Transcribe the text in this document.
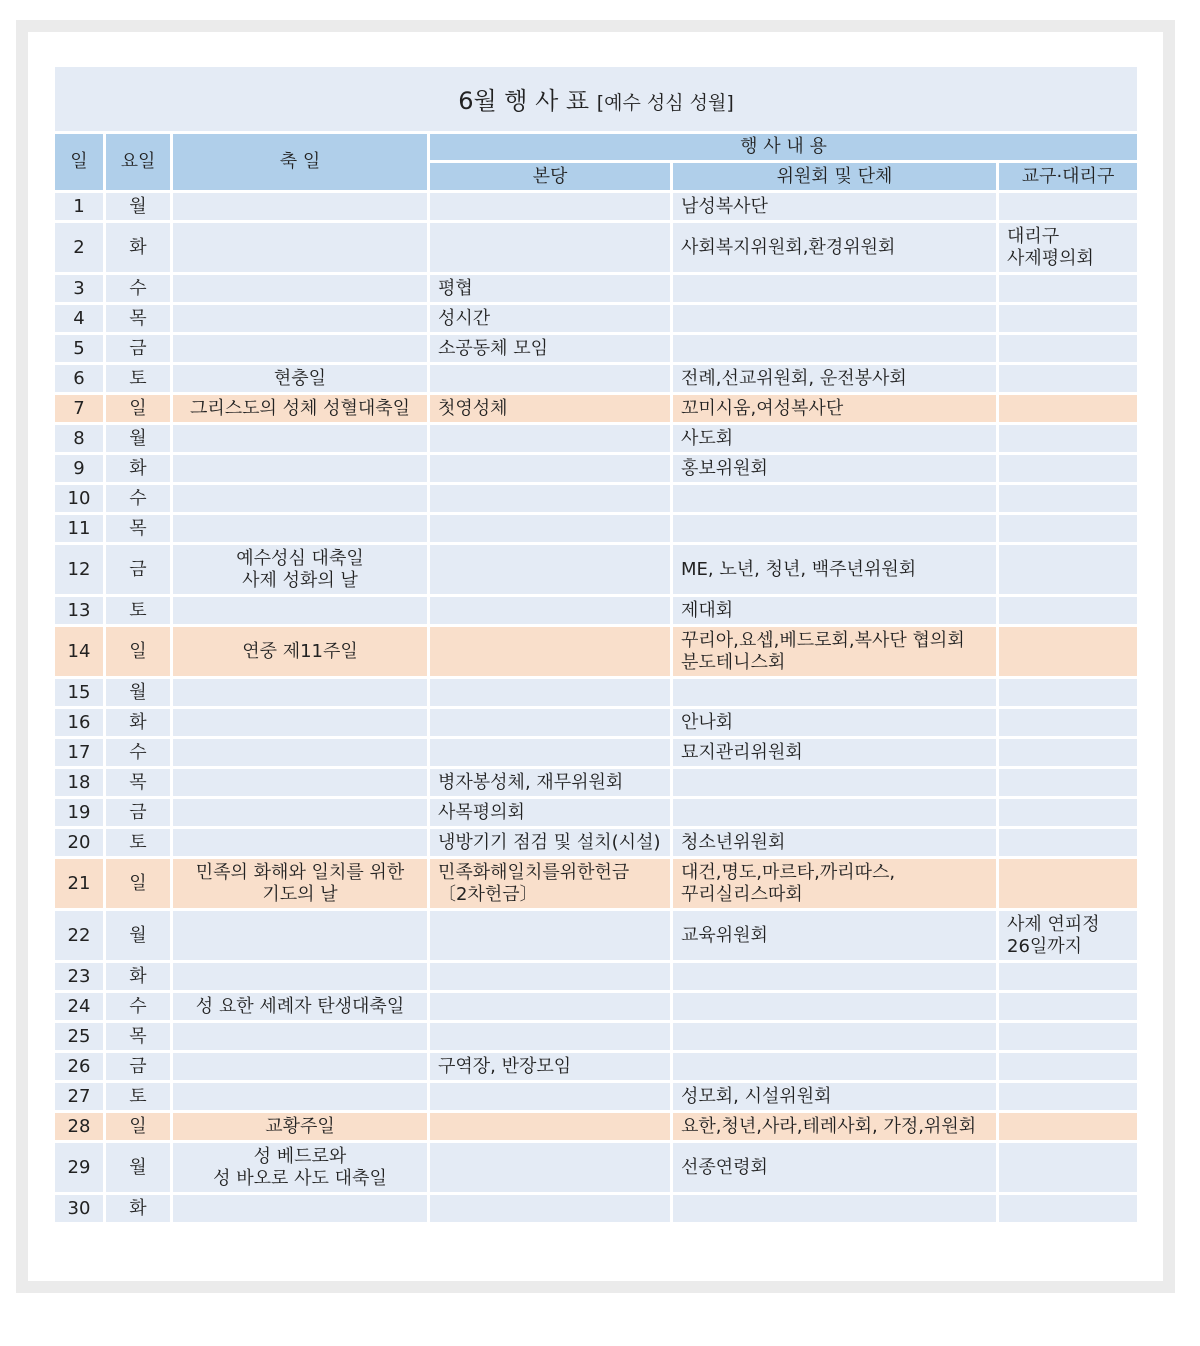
6월 행 사 표 [예수 성심 성월]					
일	요일	축 일	행 사 내 용		
			본당	위원회 및 단체	교구·대리구
1	월			남성복사단	
2	화			사회복지위원회,환경위원회	대리구
사제평의회
3	수		평협		
4	목		성시간		
5	금		소공동체 모임		
6	토	현충일		전례,선교위원회, 운전봉사회	
7	일	그리스도의 성체 성혈대축일	첫영성체	꼬미시움,여성복사단	
8	월			사도회	
9	화			홍보위원회	
10	수				
11	목				
12	금	예수성심 대축일
사제 성화의 날		ME, 노년, 청년, 백주년위원회	
13	토			제대회	
14	일	연중 제11주일		꾸리아,요셉,베드로회,복사단 협의회
분도테니스회	
15	월				
16	화			안나회	
17	수			묘지관리위원회	
18	목		병자봉성체, 재무위원회		
19	금		사목평의회		
20	토		냉방기기 점검 및 설치(시설)	청소년위원회	
21	일	민족의 화해와 일치를 위한
기도의 날	민족화해일치를위한헌금
〔2차헌금〕	대건,명도,마르타,까리따스,
꾸리실리스따회	
22	월			교육위원회	사제 연피정
26일까지
23	화				
24	수	성 요한 세례자 탄생대축일			
25	목				
26	금		구역장, 반장모임		
27	토			성모회, 시설위원회	
28	일	교황주일		요한,청년,사라,테레사회, 가정,위원회	
29	월	성 베드로와
성 바오로 사도 대축일		선종연령회	
30	화				
